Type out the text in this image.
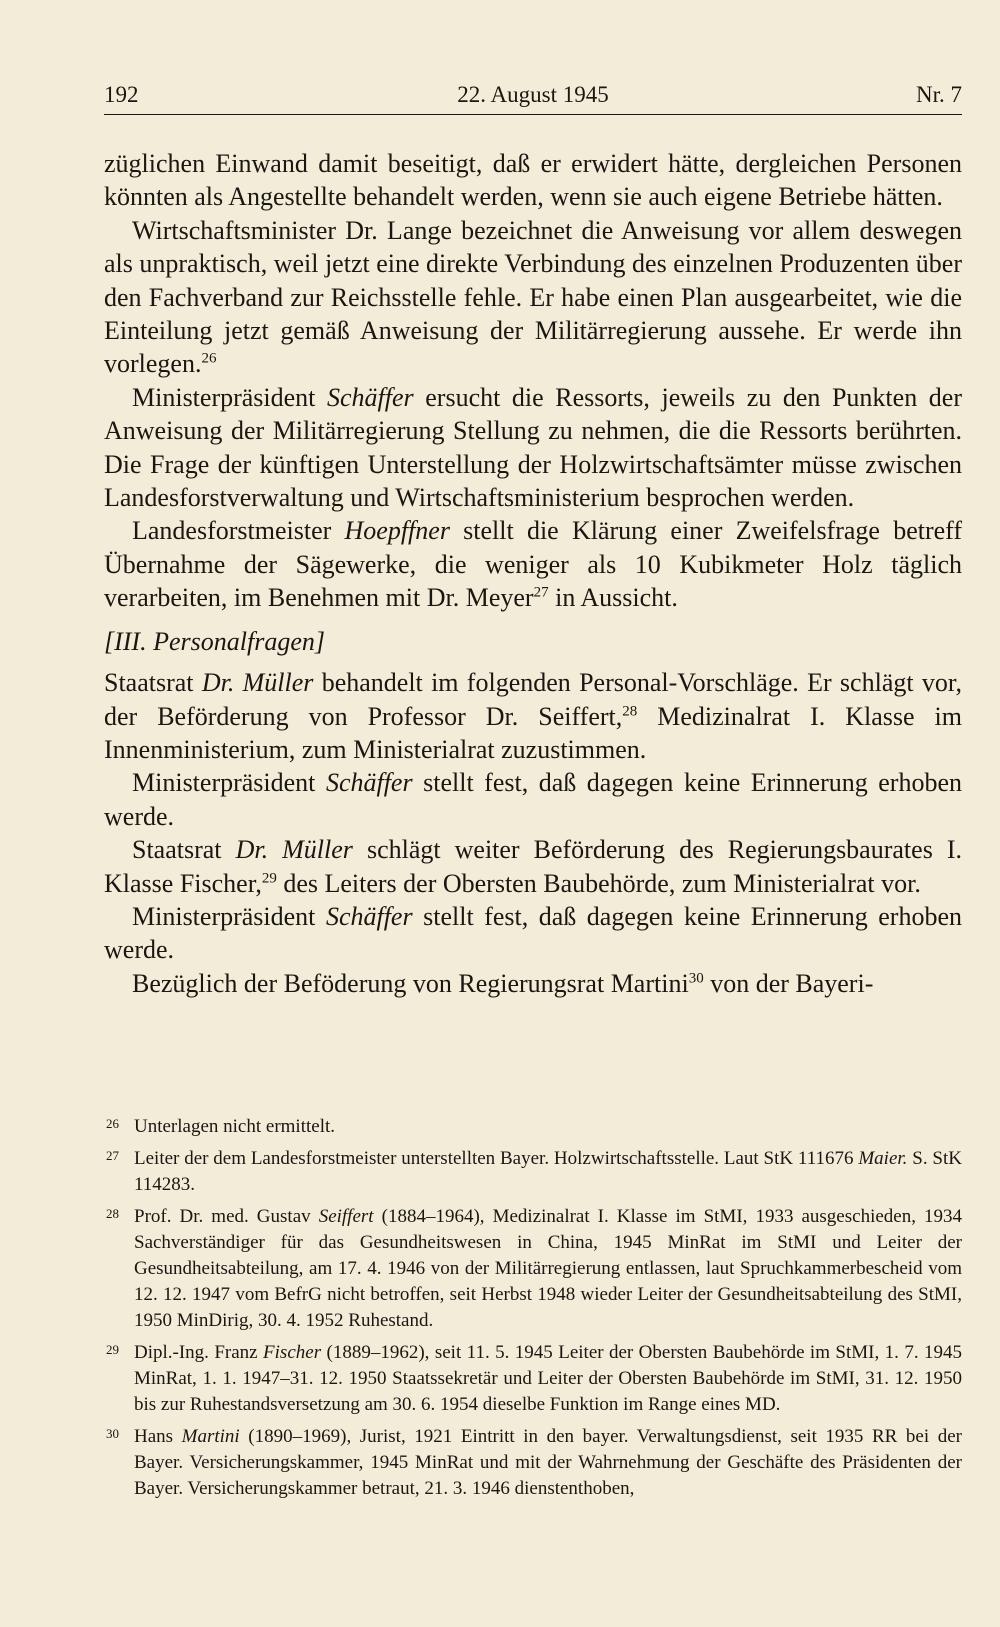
192	22. August 1945	Nr. 7

züglichen Einwand damit beseitigt, daß er erwidert hätte, dergleichen Personen könnten als Angestellte behandelt werden, wenn sie auch eigene Betriebe hätten.

Wirtschaftsminister Dr. Lange bezeichnet die Anweisung vor allem deswegen als unpraktisch, weil jetzt eine direkte Verbindung des einzelnen Produzenten über den Fachverband zur Reichsstelle fehle. Er habe einen Plan ausgearbeitet, wie die Einteilung jetzt gemäß Anweisung der Militärregierung aussehe. Er werde ihn vorlegen.$^{26}$

Ministerpräsident Schäffer ersucht die Ressorts, jeweils zu den Punkten der Anweisung der Militärregierung Stellung zu nehmen, die die Ressorts berührten. Die Frage der künftigen Unterstellung der Holzwirtschaftsämter müsse zwischen Landesforstverwaltung und Wirtschaftsministerium besprochen werden.

Landesforstmeister Hoepffner stellt die Klärung einer Zweifelsfrage betreff Übernahme der Sägewerke, die weniger als 10 Kubikmeter Holz täglich verarbeiten, im Benehmen mit Dr. Meyer$^{27}$ in Aussicht.

[III. Personalfragen]

Staatsrat Dr. Müller behandelt im folgenden Personal-Vorschläge. Er schlägt vor, der Beförderung von Professor Dr. Seiffert,$^{28}$ Medizinalrat I. Klasse im Innenministerium, zum Ministerialrat zuzustimmen.

Ministerpräsident Schäffer stellt fest, daß dagegen keine Erinnerung erhoben werde.

Staatsrat Dr. Müller schlägt weiter Beförderung des Regierungsbaurates I. Klasse Fischer,$^{29}$ des Leiters der Obersten Baubehörde, zum Ministerialrat vor.

Ministerpräsident Schäffer stellt fest, daß dagegen keine Erinnerung erhoben werde.

Bezüglich der Beföderung von Regierungsrat Martini$^{30}$ von der Bayeri-

26 Unterlagen nicht ermittelt.

27 Leiter der dem Landesforstmeister unterstellten Bayer. Holzwirtschaftsstelle. Laut StK 111676 Maier. S. StK 114283.

28 Prof. Dr. med. Gustav Seiffert (1884–1964), Medizinalrat I. Klasse im StMI, 1933 ausgeschieden, 1934 Sachverständiger für das Gesundheitswesen in China, 1945 MinRat im StMI und Leiter der Gesundheitsabteilung, am 17. 4. 1946 von der Militärregierung entlassen, laut Spruchkammerbescheid vom 12. 12. 1947 vom BefrG nicht betroffen, seit Herbst 1948 wieder Leiter der Gesundheitsabteilung des StMI, 1950 MinDirig, 30. 4. 1952 Ruhestand.

29 Dipl.-Ing. Franz Fischer (1889–1962), seit 11. 5. 1945 Leiter der Obersten Baubehörde im StMI, 1. 7. 1945 MinRat, 1. 1. 1947–31. 12. 1950 Staatssekretär und Leiter der Obersten Baubehörde im StMI, 31. 12. 1950 bis zur Ruhestandsversetzung am 30. 6. 1954 dieselbe Funktion im Range eines MD.

30 Hans Martini (1890–1969), Jurist, 1921 Eintritt in den bayer. Verwaltungsdienst, seit 1935 RR bei der Bayer. Versicherungskammer, 1945 MinRat und mit der Wahrnehmung der Geschäfte des Präsidenten der Bayer. Versicherungskammer betraut, 21. 3. 1946 dienstenthoben,
